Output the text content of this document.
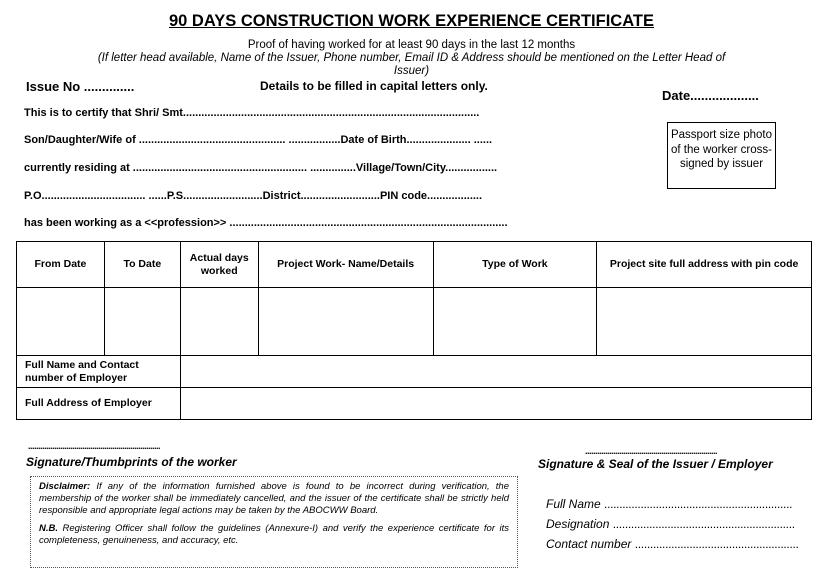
90 DAYS CONSTRUCTION WORK EXPERIENCE CERTIFICATE
Proof of having worked for at least 90 days in the last 12 months
(If letter head available, Name of the Issuer, Phone number, Email ID & Address should be mentioned on the Letter Head of Issuer)
Issue No ..............	Details to be filled in capital letters only.
Date...................
This is to certify that Shri/ Smt.................................................................................................
Son/Daughter/Wife of ................................................ .................Date of Birth..................... ......
currently residing at ......................................................... ...............Village/Town/City.................
P.O.................................. ......P.S..........................District..........................PIN code..................
has been working as a <<profession>> ...........................................................................................
Passport size photo of the worker cross-signed by issuer
From Date	To Date	Actual days worked	Project Work- Name/Details	Type of Work	Project site full address with pin code

Full Name and Contact number of Employer					
Full Address of Employer					
..................................................................
Signature/Thumbprints of the worker

Disclaimer: If any of the information furnished above is found to be incorrect during verification, the membership of the worker shall be immediately cancelled, and the issuer of the certificate shall be strictly held responsible and appropriate legal actions may be taken by the ABOCWW Board.

N.B. Registering Officer shall follow the guidelines (Annexure-I) and verify the experience certificate for its completeness, genuineness, and accuracy, etc.

..................................................................
Signature & Seal of the Issuer / Employer
Full Name ..............................................................
Designation ............................................................
Contact number ......................................................
